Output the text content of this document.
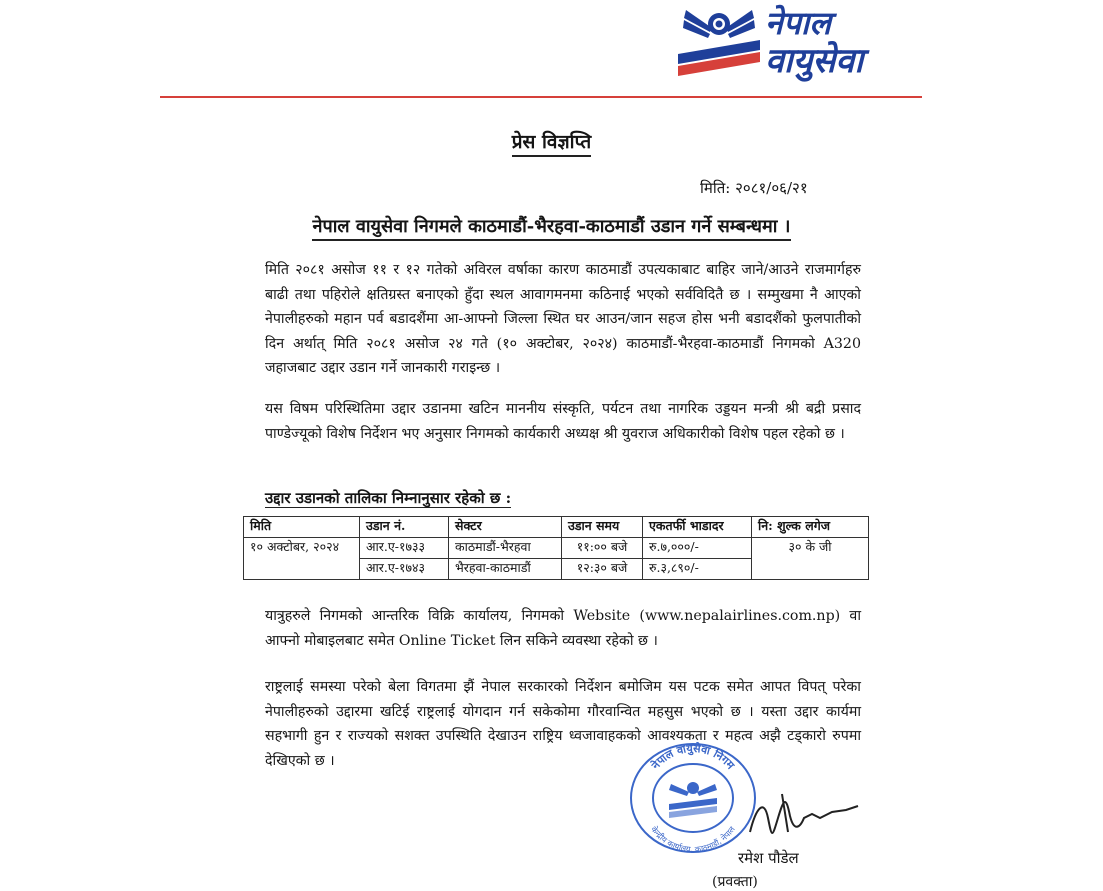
नेपाल
वायुसेवा
प्रेस विज्ञप्ति
मिति: २०८१/०६/२१
नेपाल वायुसेवा निगमले काठमाडौं-भैरहवा-काठमाडौं उडान गर्ने सम्बन्धमा ।
मिति २०८१ असोज ११ र १२ गतेको अविरल वर्षाका कारण काठमाडौं उपत्यकाबाट बाहिर जाने/आउने राजमार्गहरु बाढी तथा पहिरोले क्षतिग्रस्त बनाएको हुँदा स्थल आवागमनमा कठिनाई भएको सर्वविदितै छ । सम्मुखमा नै आएको नेपालीहरुको महान पर्व बडादशैंमा आ-आफ्नो जिल्ला स्थित घर आउन/जान सहज होस भनी बडादशैंको फुलपातीको दिन अर्थात् मिति २०८१ असोज २४ गते (१० अक्टोबर, २०२४) काठमाडौं-भैरहवा-काठमाडौं निगमको A320 जहाजबाट उद्दार उडान गर्ने जानकारी गराइन्छ ।
यस विषम परिस्थितिमा उद्दार उडानमा खटिन माननीय संस्कृति, पर्यटन तथा नागरिक उड्डयन मन्त्री श्री बद्री प्रसाद पाण्डेज्यूको विशेष निर्देशन भए अनुसार निगमको कार्यकारी अध्यक्ष श्री युवराज अधिकारीको विशेष पहल रहेको छ ।
उद्दार उडानको तालिका निम्नानुसार रहेको छ :
मिति	उडान नं.	सेक्टर	उडान समय	एकतर्फी भाडादर	नि: शुल्क लगेज
१० अक्टोबर, २०२४	आर.ए-१७३३	काठमाडौं-भैरहवा	११:०० बजे	रु.७,०००/-	३० के जी
	आर.ए-१७४३	भैरहवा-काठमाडौं	१२:३० बजे	रु.३,८९०/-	
यात्रुहरुले निगमको आन्तरिक विक्रि कार्यालय, निगमको Website (www.nepalairlines.com.np) वा आफ्नो मोबाइलबाट समेत Online Ticket लिन सकिने व्यवस्था रहेको छ ।
राष्ट्रलाई समस्या परेको बेला विगतमा झैं नेपाल सरकारको निर्देशन बमोजिम यस पटक समेत आपत विपत् परेका नेपालीहरुको उद्दारमा खटिई राष्ट्रलाई योगदान गर्न सकेकोमा गौरवान्वित महसुस भएको छ । यस्ता उद्दार कार्यमा सहभागी हुन र राज्यको सशक्त उपस्थिति देखाउन राष्ट्रिय ध्वजावाहकको आवश्यकता र महत्व अझै टड्कारो रुपमा देखिएको छ ।	नेपाल वायुसेवा निगम
केन्द्रीय कार्यालय, काठमाडौं, नेपाल
रमेश पौडेल
(प्रवक्ता)
